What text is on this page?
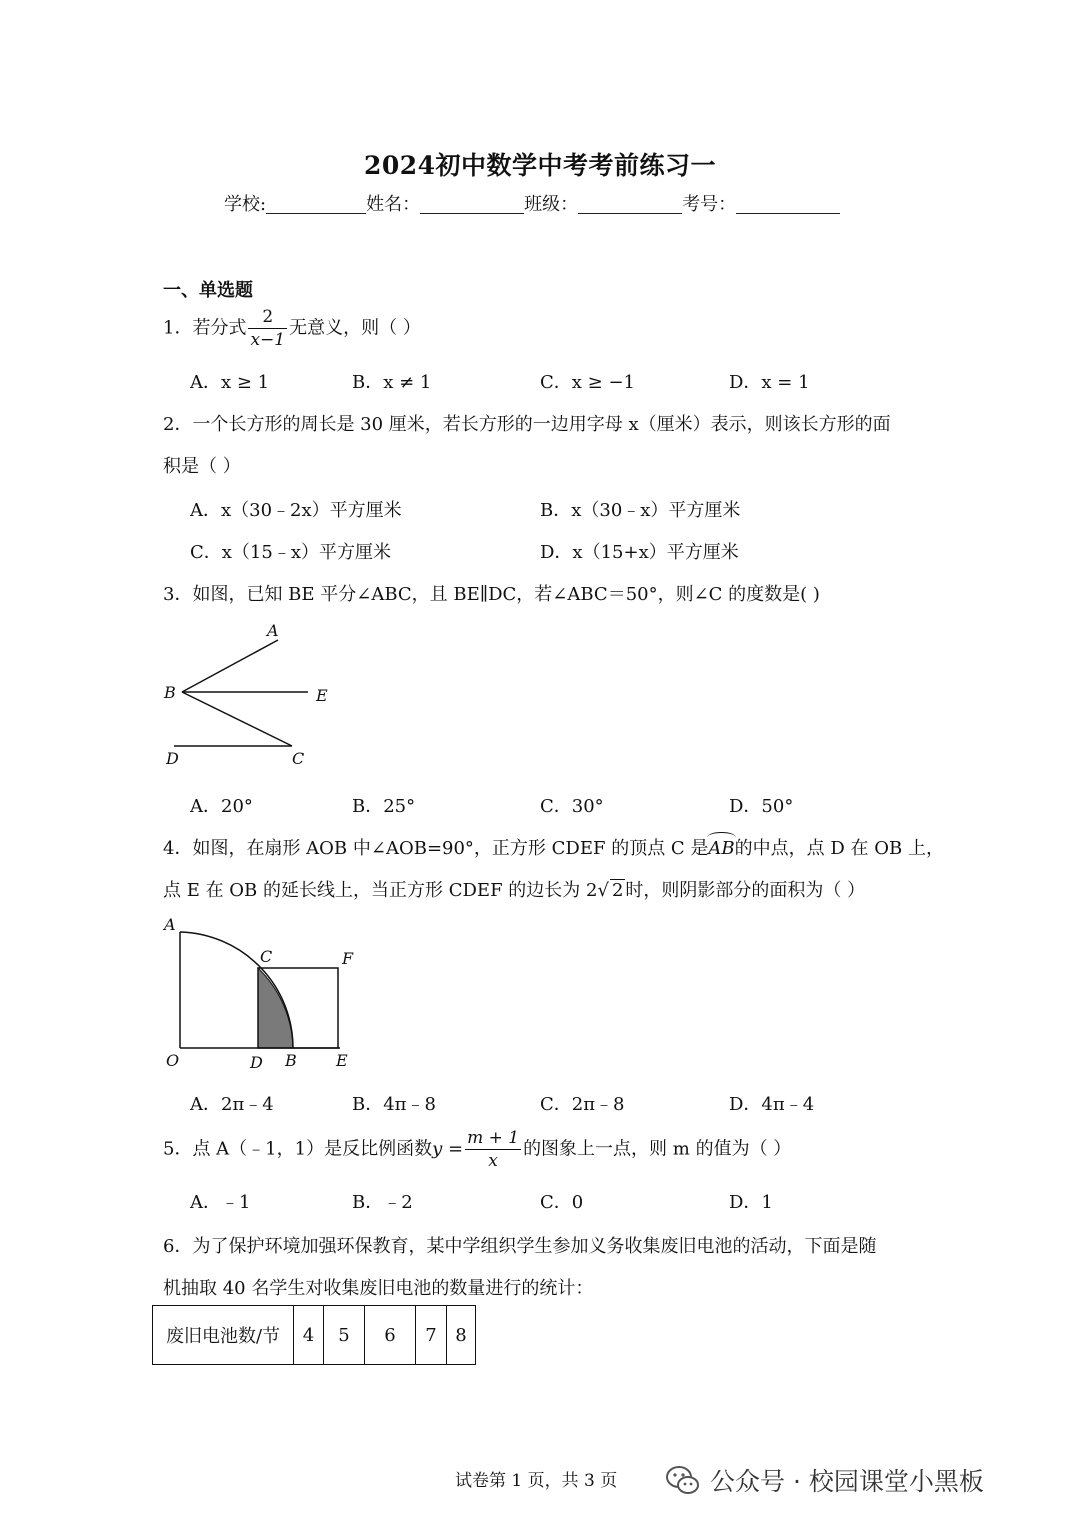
2024初中数学中考考前练习一
学校:	姓名：	班级：	考号：
一、单选题
1．若分式 $\frac{2}{x-1}$ 无意义，则（ ）
A．x ≥ 1	B．x ≠ 1	C．x ≥ −1	D．x = 1
2．一个长方形的周长是 30 厘米，若长方形的一边用字母 x（厘米）表示，则该长方形的面
积是（ ）
A．x（30﹣2x）平方厘米	B．x（30﹣x）平方厘米
C．x（15﹣x）平方厘米	D．x（15+x）平方厘米
3．如图，已知 BE 平分∠ABC，且 BE∥DC，若∠ABC＝50°，则∠C 的度数是( )
A
B	E
D	C
A．20°	B．25°	C．30°	D．50°
4．如图，在扇形 AOB 中∠AOB=90°，正方形 CDEF 的顶点 C 是AB的中点，点 D 在 OB 上，
点 E 在 OB 的延长线上，当正方形 CDEF 的边长为 2√ 2 时，则阴影部分的面积为（ ）
A
C	F
O	D B E
A．2π﹣4	B．4π﹣8	C．2π﹣8	D．4π﹣4
5．点 A（﹣1，1）是反比例函数$y = \frac{m + 1}{x}$ 的图象上一点，则 m 的值为（ ）
A．﹣1	B．﹣2	C．0	D．1
6．为了保护环境加强环保教育，某中学组织学生参加义务收集废旧电池的活动，下面是随
机抽取 40 名学生对收集废旧电池的数量进行的统计：
废旧电池数/节	4	5	6	7	8
试卷第 1 页，共 3 页	公众号 · 校园课堂小黑板
